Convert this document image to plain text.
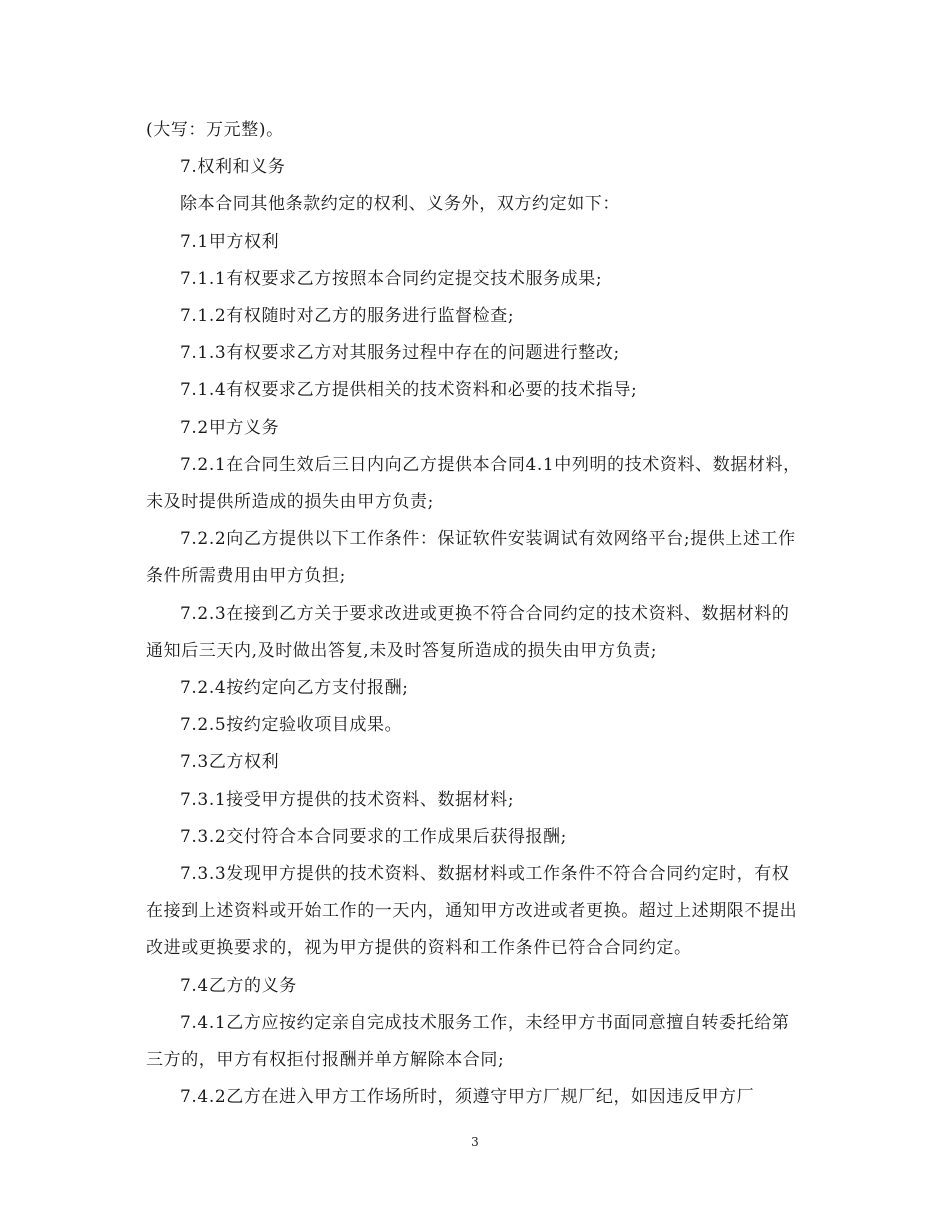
(大写：万元整)。

7.权利和义务

除本合同其他条款约定的权利、义务外，双方约定如下：

7.1甲方权利

7.1.1有权要求乙方按照本合同约定提交技术服务成果;

7.1.2有权随时对乙方的服务进行监督检查;

7.1.3有权要求乙方对其服务过程中存在的问题进行整改;

7.1.4有权要求乙方提供相关的技术资料和必要的技术指导;

7.2甲方义务

7.2.1在合同生效后三日内向乙方提供本合同4.1中列明的技术资料、数据材料，未及时提供所造成的损失由甲方负责;

7.2.2向乙方提供以下工作条件：保证软件安装调试有效网络平台;提供上述工作条件所需费用由甲方负担;

7.2.3在接到乙方关于要求改进或更换不符合合同约定的技术资料、数据材料的通知后三天内,及时做出答复,未及时答复所造成的损失由甲方负责;

7.2.4按约定向乙方支付报酬;

7.2.5按约定验收项目成果。

7.3乙方权利

7.3.1接受甲方提供的技术资料、数据材料;

7.3.2交付符合本合同要求的工作成果后获得报酬;

7.3.3发现甲方提供的技术资料、数据材料或工作条件不符合合同约定时，有权在接到上述资料或开始工作的一天内，通知甲方改进或者更换。超过上述期限不提出改进或更换要求的，视为甲方提供的资料和工作条件已符合合同约定。

7.4乙方的义务

7.4.1乙方应按约定亲自完成技术服务工作，未经甲方书面同意擅自转委托给第三方的，甲方有权拒付报酬并单方解除本合同;

7.4.2乙方在进入甲方工作场所时，须遵守甲方厂规厂纪，如因违反甲方厂

3
